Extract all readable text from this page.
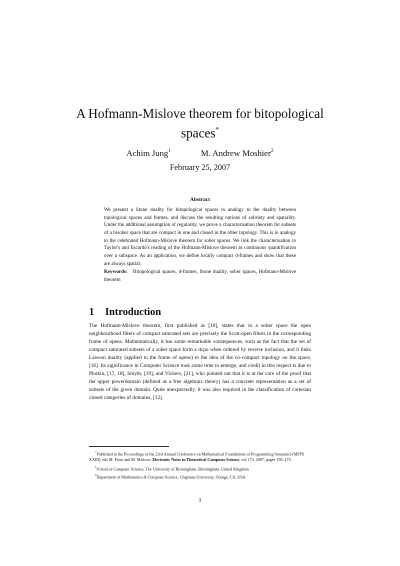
A Hofmann-Mislove theorem for bitopological spaces*
Achim Jung$^1$	M. Andrew Moshier$^2$
February 25, 2007
Abstract
We present a Stone duality for bitopological spaces in analogy to the duality between topological spaces and frames, and discuss the resulting notions of sobriety and spatiality. Under the additional assumption of regularity, we prove a characterisation theorem for subsets of a bisober space that are compact in one and closed in the other topology. This is in analogy to the celebrated Hofmann-Mislove theorem for sober spaces. We link the characterisation to Taylor's and Escardó's reading of the Hofmann-Mislove theorem as continuous quantification over a subspace. As an application, we define locally compact d-frames and show that these are always spatial.
Keywords: Bitopological spaces, d-frames, Stone duality, sober spaces, Hofmann-Mislove theorem
1 Introduction
The Hofmann-Mislove theorem, first published as [10], states that in a sober space the open neighbourhood filters of compact saturated sets are precisely the Scott-open filters in the corresponding frame of opens. Mathematically, it has some remarkable consequences, such as the fact that the set of compact saturated subsets of a sober space form a dcpo when ordered by reverse inclusion, and it links Lawson duality (applied to the frame of opens) to the idea of the co-compact topology on the space, [16]. Its significance in Computer Science took some time to emerge, and credit in this respect is due to Plotkin, [17, 18], Smyth, [19], and Vickers, [21], who pointed out that it is at the core of the proof that the upper powerdomain (defined as a free algebraic theory) has a concrete representation as a set of subsets of the given domain. Quite unexpectedly, it was also required in the classification of cartesian closed categories of domains, [12].

*Published in the Proceedings of the 23rd Annual Conference on Mathematical Foundations of Programming Semantics (MFPS XXIII), eds M. Fiore and M. Mislove, Electronic Notes in Theoretical Computer Science, vol 173, 2007, pages 159–175.

$^1$School of Computer Science, The University of Birmingham, Birmingham, United Kingdom

$^2$Department of Mathematics & Computer Science, Chapman University, Orange, CA, USA

1
